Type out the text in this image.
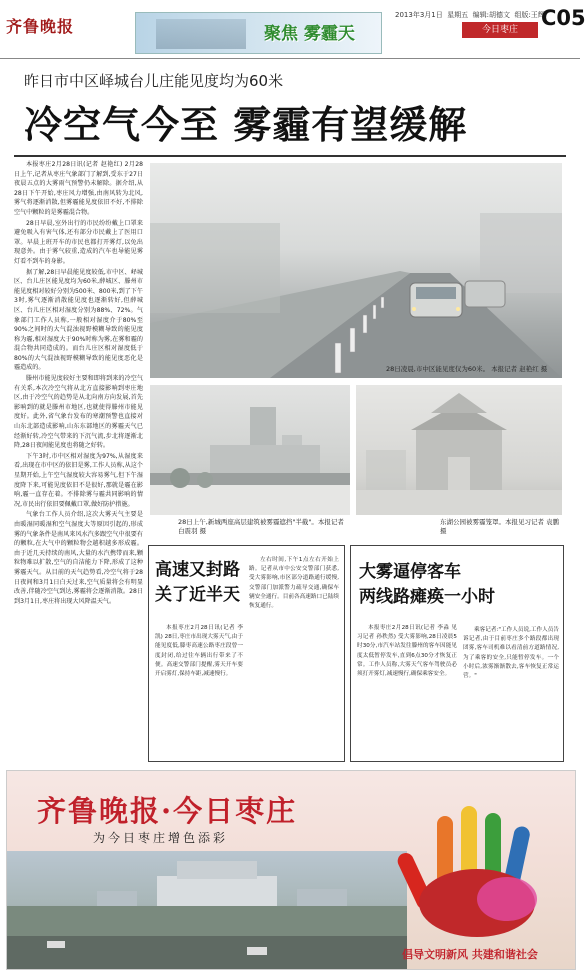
齐鲁晚报	聚焦 雾霾天
2013年3月1日 星期五 编辑:胡德文 组版:王辉
今日枣庄	C05
昨日市中区峄城台儿庄能见度均为60米
冷空气今至 雾霾有望缓解

本报枣庄2月28日讯(记者 赵艳红) 2月28日上午,记者从枣庄气象部门了解到,受东于27日夜晨五点的大雾雨气预警仍未解除。据介绍,从28日下午开始,枣庄风力增强,由南风转为北风,雾气将逐渐消散,但雾霾能见度依旧不好,不排除空气中颗粒的是雾霾混合物。

28日早晨,室外出行的市民纷纷戴上口罩来避免吸入有害气体,还有部分市民戴上了医用口罩。早晨上班开车的市民也都打开雾灯,以免出现意外。由于雾气较重,造成的汽车也导能见雾灯看不到车的身影。

据了解,28日早晨能见度较低,市中区、峄城区、台儿庄区能见度均为60米,薛城区、滕州市能见度相对较好分别为500米、800米,到了下午3时,雾气逐渐消散能见度也逐渐转好,但薛城区、台儿庄区相对湿度分别为88%、72%。气象部门工作人员称,一般相对湿度介于80%至90%之间时的大气混浊视野模糊导致的能见度称为霾,相对湿度大于90%时称为雾,在雾和霾的混合物共同造成的。而台儿庄区相对湿度低于80%的大气混浊视野模糊导致的能见度恶化是霾造成的。

滕州市能见度较好主要和即将到来的冷空气有关系,本次冷空气将从北方直接影响到枣庄地区,由于冷空气的趋势是从北向南方向发展,首先影响到的就是滕州市地区,也就使得滕州市能见度好。此外,省气象台发布的寒潮预警也直接对山东北部造成影响,山东东部地区的雾霾天气已经渐好转,冷空气带来的下沉气流,步北将逐渐北降,28日夜间能见度也将随之好转。

下午3时,市中区相对湿度为97%,从湿度来看,出现在市中区的依旧是雾,工作人员称,从这个星期开始,上午空气湿度较大容易雾气,但下午湿度降下来,可能见度依旧不是很好,那就是霾在影响,霾一直存在着。不排除雾与霾共同影响的情况,市民出行依旧要佩戴口罩,做好防护措施。

气象台工作人员介绍,这次大雾天气主要是由暖湿同暖湿和空气湿度大等原因引起的,形成雾的气象条件是南风来风水汽多跟空气中很要有的颗粒,在大气中的颗粒物会越积越多形成霾。由于近几天持续的南风,大量的水汽携带而来,颗粒物难以扩散,空气的自洁能力下降,形成了这种雾霾天气。从目前的天气趋势看,冷空气将于28日夜间和3月1日白天过来,空气质量将会有明显改善,伴随冷空气到达,雾霾将会逐渐消散。28日到3月1日,枣庄将出现大风降温天气。

28日凌晨,市中区能见度仅为60米。 本报记者 赵艳红 摄
28日上午,新城两座高层建筑被雾霾遮挡"半截"。本报记者 白震羽 摄
东湖公园被雾霾笼罩。本报见习记者 袁鹏 摄
高速又封路
关了近半天

本报枣庄2月28日讯(记者 李凯) 28日,枣庄市出现大雾天气,由于能见度低,滕枣高速公路枣庄段曾一度封闭,给过往车辆出行带来了不便。高速交警部门提醒,雾天开车要开启雾灯,保持车距,减速慢行。

左右时间,下午1点左右开始上路。记者从市中公安交警部门获悉,受大雾影响,市区部分道路通行缓慢,交警部门加派警力疏导交通,确保车辆安全通行。目前各高速路口已陆续恢复通行。

大雾逼停客车
两线路瘫痪一小时

本报枣庄2月28日讯(记者 李淼 见习记者 孙秩然) 受大雾影响,28日凌晨5时30分,市汽车站发往滕州的客车因能见度太低暂停发车,直到6点30分才恢复正常。工作人员称,大雾天气客车驾驶员必须打开雾灯,减速慢行,确保乘客安全。

乘客记者:"工作人员说,工作人员告诉记者,由于目前枣庄多个路段都出现团雾,客车司机难以看清前方道路情况,为了乘客的安全,只能暂停发车。一个小时后,浓雾渐渐散去,客车恢复正常运营。"

齐鲁晚报·今日枣庄
为今日枣庄增色添彩
倡导文明新风 共建和谐社会
